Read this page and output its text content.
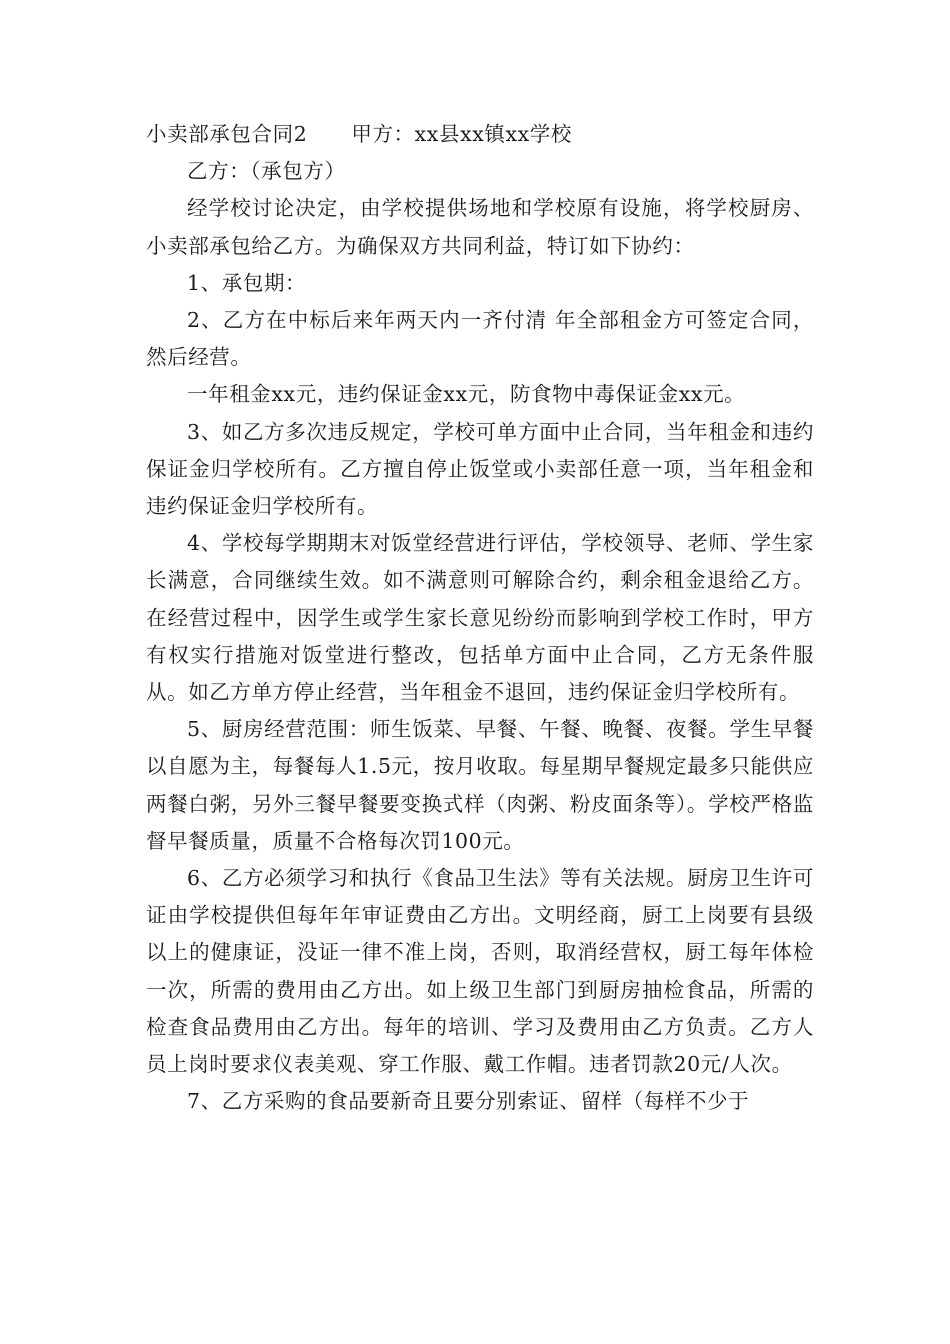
小卖部承包合同2 甲方：xx县xx镇xx学校

乙方：（承包方）

经学校讨论决定，由学校提供场地和学校原有设施，将学校厨房、小卖部承包给乙方。为确保双方共同利益，特订如下协约：

1、承包期：

2、乙方在中标后来年两天内一齐付清 年全部租金方可签定合同，然后经营。

一年租金xx元，违约保证金xx元，防食物中毒保证金xx元。

3、如乙方多次违反规定，学校可单方面中止合同，当年租金和违约保证金归学校所有。乙方擅自停止饭堂或小卖部任意一项，当年租金和违约保证金归学校所有。

4、学校每学期期末对饭堂经营进行评估，学校领导、老师、学生家长满意，合同继续生效。如不满意则可解除合约，剩余租金退给乙方。在经营过程中，因学生或学生家长意见纷纷而影响到学校工作时，甲方有权实行措施对饭堂进行整改，包括单方面中止合同，乙方无条件服从。如乙方单方停止经营，当年租金不退回，违约保证金归学校所有。

5、厨房经营范围：师生饭菜、早餐、午餐、晚餐、夜餐。学生早餐以自愿为主，每餐每人1.5元，按月收取。每星期早餐规定最多只能供应两餐白粥，另外三餐早餐要变换式样（肉粥、粉皮面条等）。学校严格监督早餐质量，质量不合格每次罚100元。

6、乙方必须学习和执行《食品卫生法》等有关法规。厨房卫生许可证由学校提供但每年年审证费由乙方出。文明经商，厨工上岗要有县级以上的健康证，没证一律不准上岗，否则，取消经营权，厨工每年体检一次，所需的费用由乙方出。如上级卫生部门到厨房抽检食品，所需的检查食品费用由乙方出。每年的培训、学习及费用由乙方负责。乙方人员上岗时要求仪表美观、穿工作服、戴工作帽。违者罚款20元/人次。

7、乙方采购的食品要新奇且要分别索证、留样（每样不少于
